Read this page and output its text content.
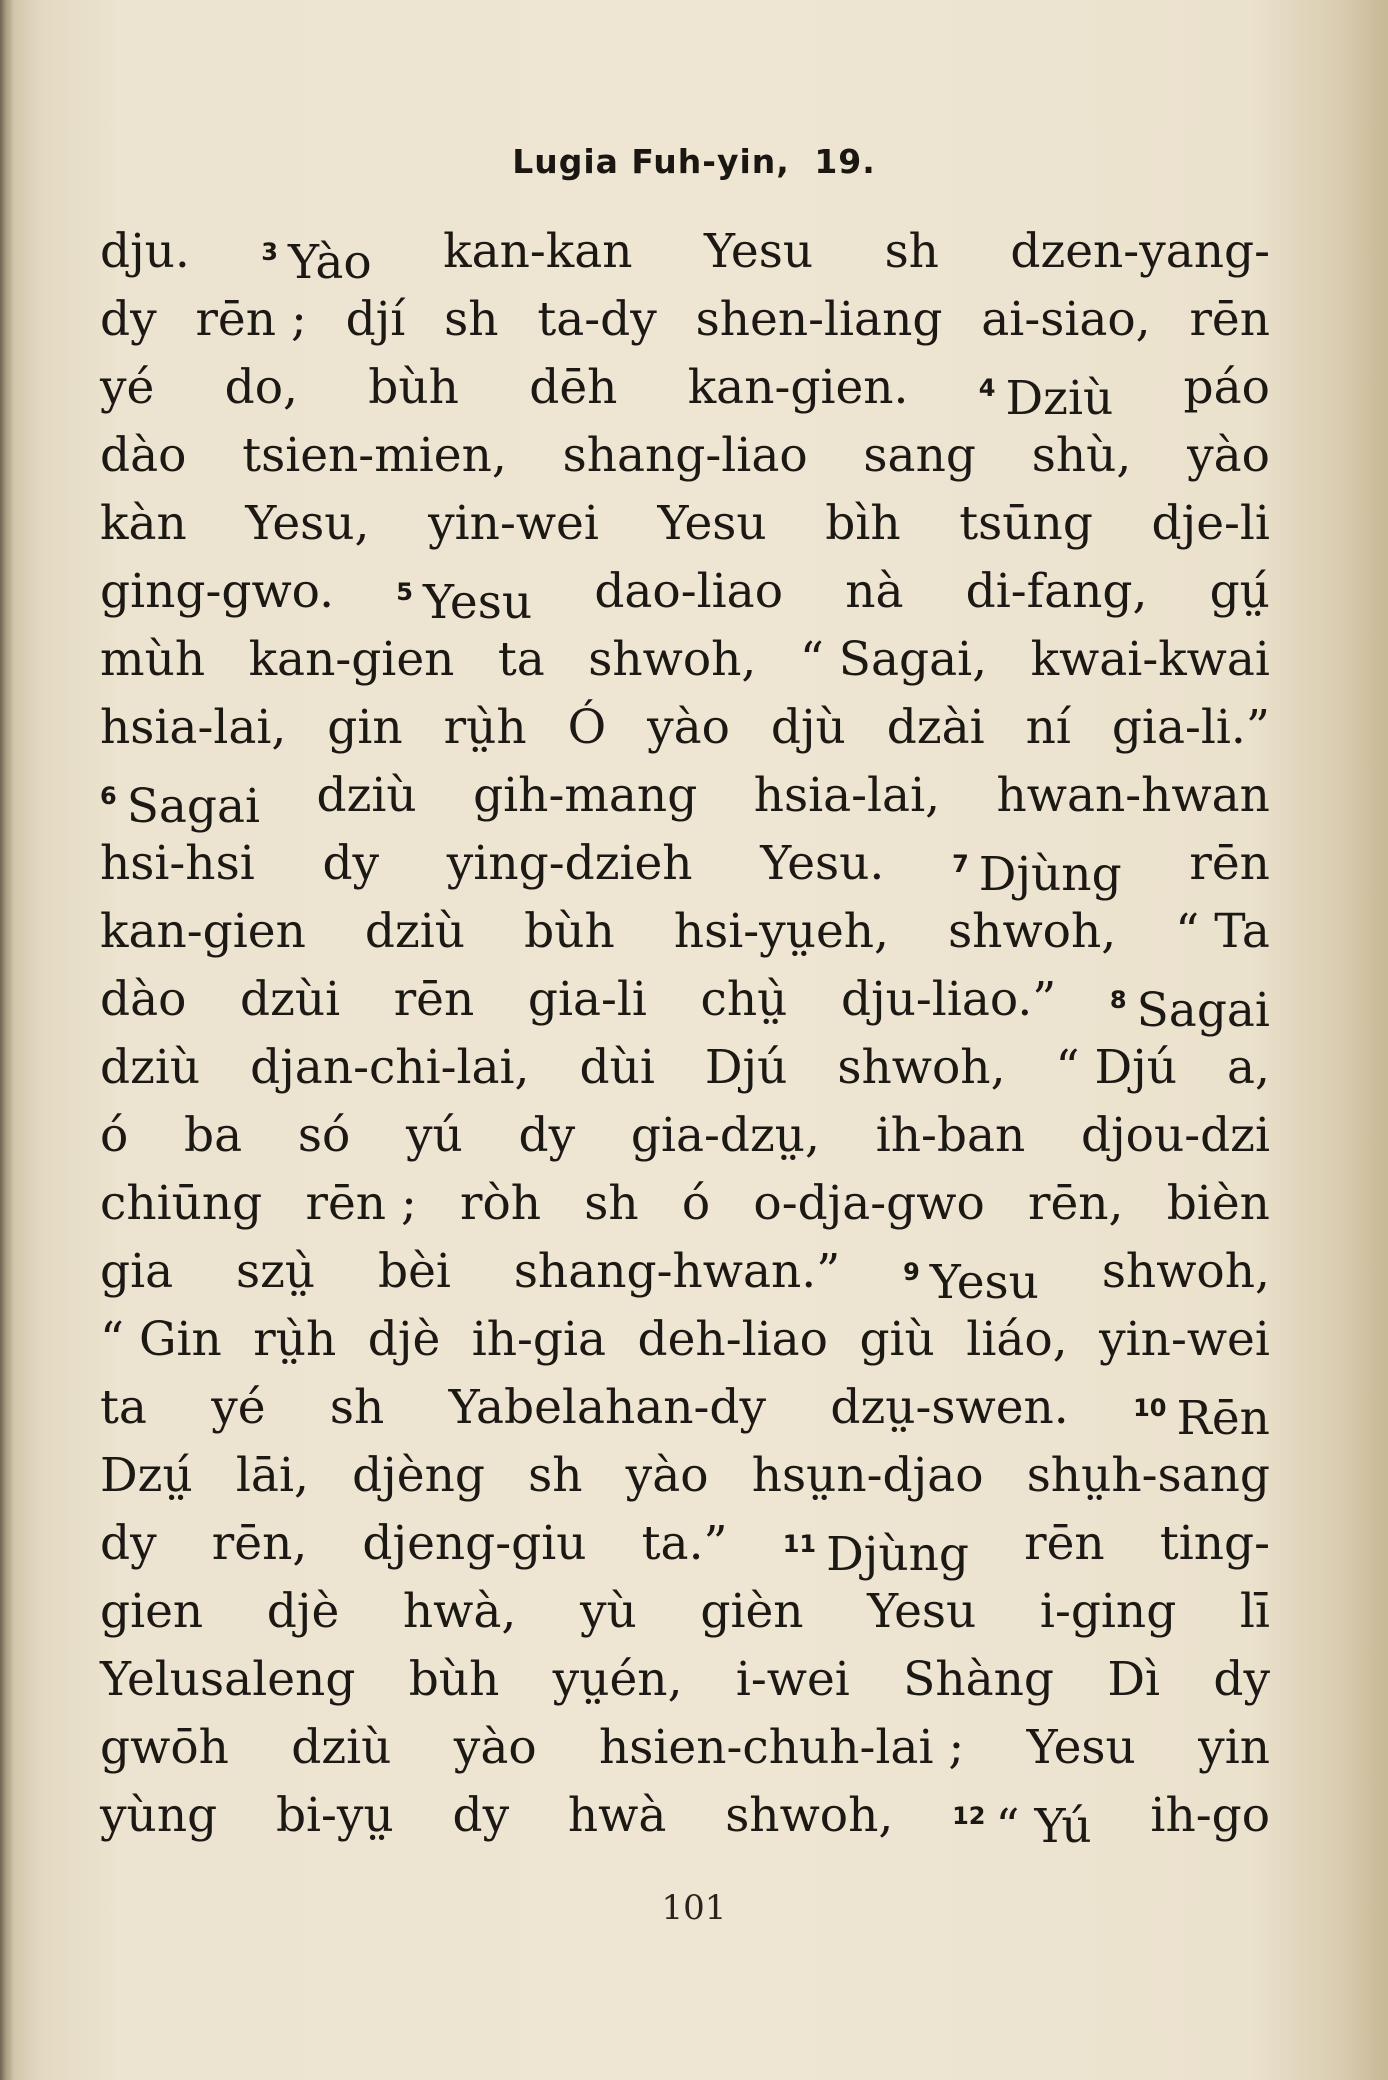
Lugia Fuh-yin, 19.
dju.	$^3$ Yào kan-kan Yesu sh dzen-yang-
dy rēn ; djí sh ta-dy shen-liang ai-siao, rēn
yé do, bùh dēh kan-gien.	$^4$ Dziù páo
dào tsien-mien, shang-liao sang shù, yào
kàn Yesu, yin-wei Yesu bìh tsūng dje-li
ging-gwo.	$^5$ Yesu dao-liao nà di-fang, gṳ́
mùh kan-gien ta shwoh, “ Sagai, kwai-kwai
hsia-lai, gin rṳ̀h Ó yào djù dzài ní gia-li.”
$^6$ Sagai dziù gih-mang hsia-lai, hwan-hwan
hsi-hsi dy ying-dzieh Yesu.	$^7$ Djùng rēn
kan-gien dziù bùh hsi-yṳeh, shwoh, “ Ta
dào dzùi rēn gia-li chṳ̀ dju-liao.” $^8$ Sagai
dziù djan-chi-lai, dùi Djú shwoh, “ Djú a,
ó ba só yú dy gia-dzṳ, ih-ban djou-dzi
chiūng rēn ; ròh sh ó o-dja-gwo rēn, bièn
gia szṳ̀ bèi shang-hwan.”	$^9$ Yesu shwoh,
“ Gin rṳ̀h djè ih-gia deh-liao giù liáo, yin-wei
ta yé sh Yabelahan-dy dzṳ-swen.	$^{10}$ Rēn
Dzṳ́ lāi, djèng sh yào hsṳn-djao shṳh-sang
dy rēn, djeng-giu ta.” $^{11}$ Djùng rēn ting-
gien djè hwà, yù gièn Yesu i-ging lī
Yelusaleng bùh yṳén, i-wei Shàng Dì dy
gwōh dziù yào hsien-chuh-lai ; Yesu yin
yùng bi-yṳ dy hwà shwoh, $^{12}$ “ Yú ih-go
101
